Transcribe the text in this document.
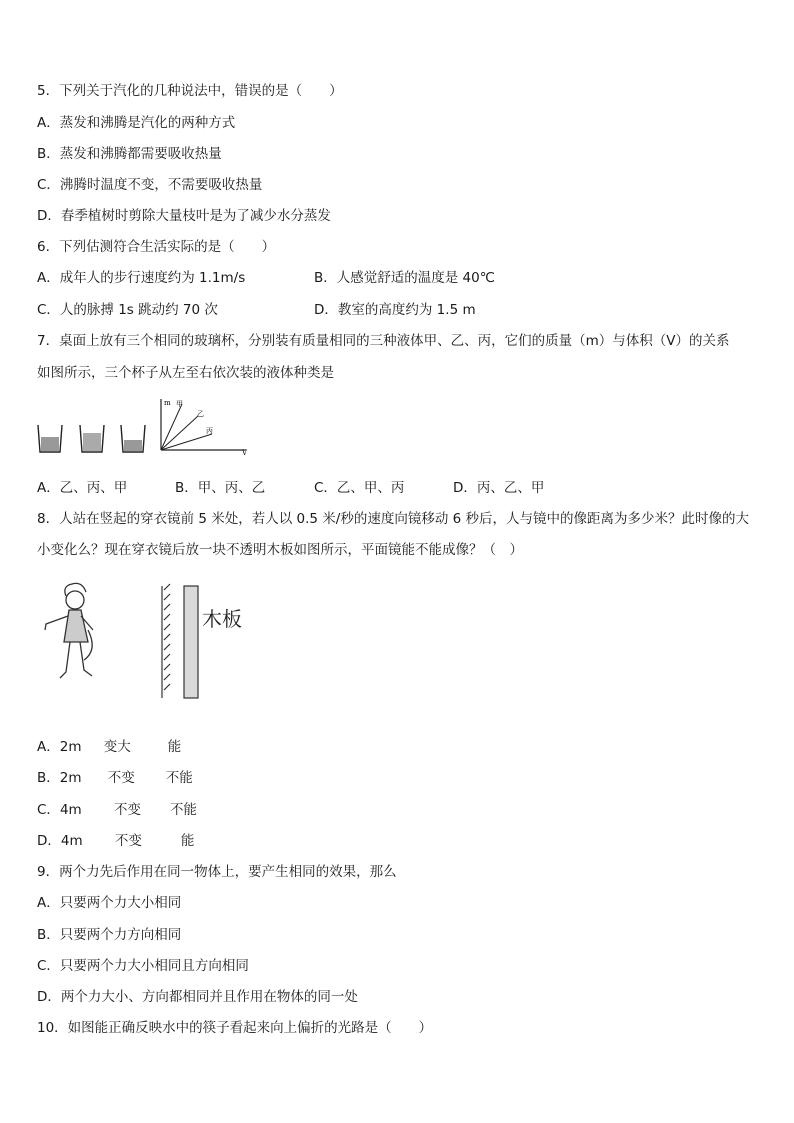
5．下列关于汽化的几种说法中，错误的是（　　）
A．蒸发和沸腾是汽化的两种方式
B．蒸发和沸腾都需要吸收热量
C．沸腾时温度不变，不需要吸收热量
D．春季植树时剪除大量枝叶是为了减少水分蒸发
6．下列估测符合生活实际的是（　　）
A．成年人的步行速度约为 1.1m/s	B．人感觉舒适的温度是 40℃
C．人的脉搏 1s 跳动约 70 次	D．教室的高度约为 1.5 m
7．桌面上放有三个相同的玻璃杯，分别装有质量相同的三种液体甲、乙、丙，它们的质量（m）与体积（V）的关系
如图所示，三个杯子从左至右依次装的液体种类是
m
V
甲
乙
丙
A．乙、丙、甲	B．甲、丙、乙	C．乙、甲、丙	D．丙、乙、甲
8．人站在竖起的穿衣镜前 5 米处，若人以 0.5 米/秒的速度向镜移动 6 秒后，人与镜中的像距离为多少米？此时像的大
小变化么？现在穿衣镜后放一块不透明木板如图所示，平面镜能不能成像？（　）
木板
A．2m 变大	能
B．2m 不变 不能
C．4m 不变 不能
D．4m 不变	能
9．两个力先后作用在同一物体上，要产生相同的效果，那么
A．只要两个力大小相同
B．只要两个力方向相同
C．只要两个力大小相同且方向相同
D．两个力大小、方向都相同并且作用在物体的同一处
10．如图能正确反映水中的筷子看起来向上偏折的光路是（　　）
